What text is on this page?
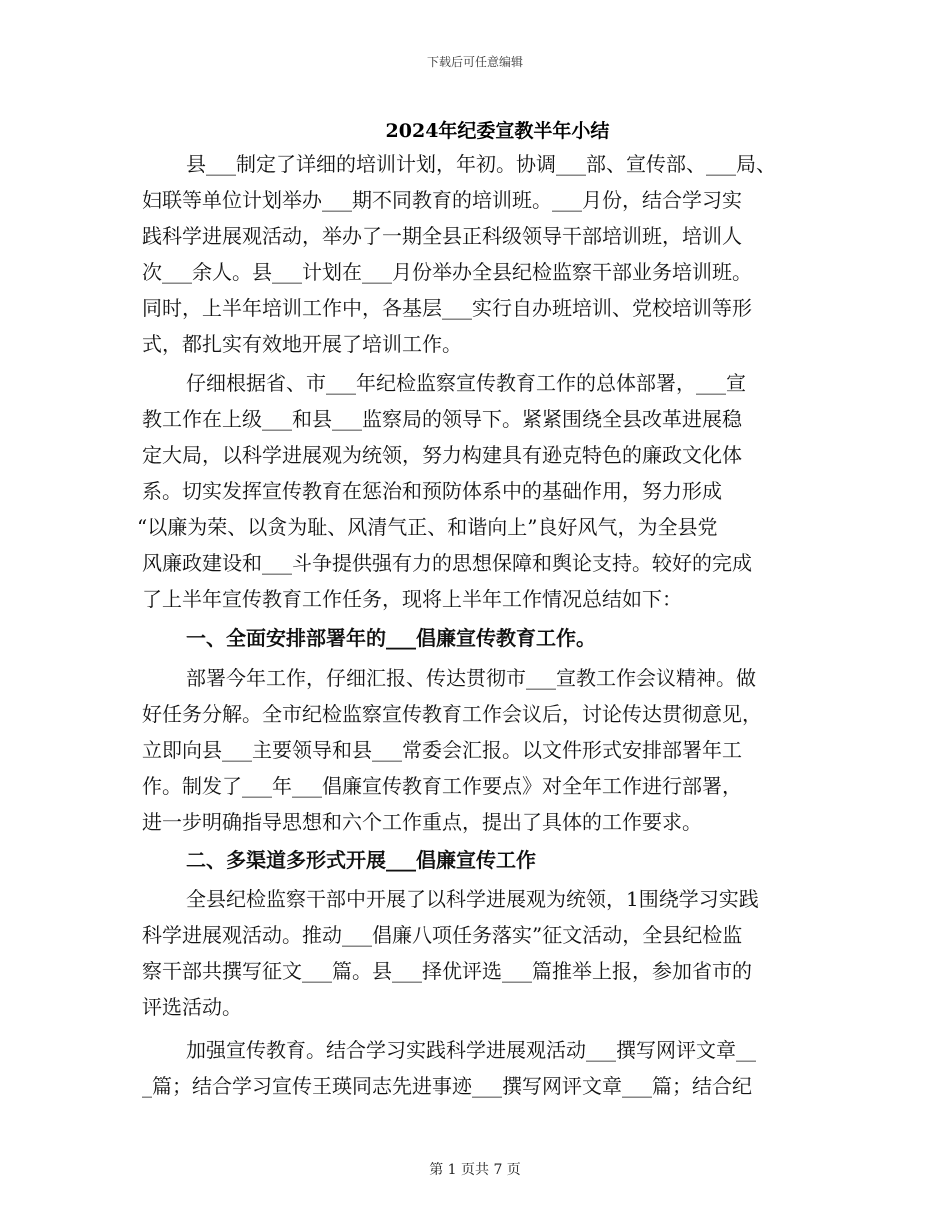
下载后可任意编辑
2024年纪委宣教半年小结
县___制定了详细的培训计划，年初。协调___部、宣传部、___局、
妇联等单位计划举办___期不同教育的培训班。___月份，结合学习实
践科学进展观活动，举办了一期全县正科级领导干部培训班，培训人
次___余人。县___计划在___月份举办全县纪检监察干部业务培训班。
同时，上半年培训工作中，各基层___实行自办班培训、党校培训等形
式，都扎实有效地开展了培训工作。
仔细根据省、市___年纪检监察宣传教育工作的总体部署，___宣
教工作在上级___和县___监察局的领导下。紧紧围绕全县改革进展稳
定大局，以科学进展观为统领，努力构建具有逊克特色的廉政文化体
系。切实发挥宣传教育在惩治和预防体系中的基础作用，努力形成
“以廉为荣、以贪为耻、风清气正、和谐向上”良好风气，为全县党
风廉政建设和___斗争提供强有力的思想保障和舆论支持。较好的完成
了上半年宣传教育工作任务，现将上半年工作情况总结如下：
一、全面安排部署年的___倡廉宣传教育工作。
部署今年工作，仔细汇报、传达贯彻市___宣教工作会议精神。做
好任务分解。全市纪检监察宣传教育工作会议后，讨论传达贯彻意见，
立即向县___主要领导和县___常委会汇报。以文件形式安排部署年工
作。制发了___年___倡廉宣传教育工作要点》对全年工作进行部署，
进一步明确指导思想和六个工作重点，提出了具体的工作要求。
二、多渠道多形式开展___倡廉宣传工作
全县纪检监察干部中开展了以科学进展观为统领，1围绕学习实践
科学进展观活动。推动___倡廉八项任务落实”征文活动，全县纪检监
察干部共撰写征文___篇。县___择优评选___篇推举上报，参加省市的
评选活动。
加强宣传教育。结合学习实践科学进展观活动___撰写网评文章__
_篇；结合学习宣传王瑛同志先进事迹___撰写网评文章___篇；结合纪
第 1 页共 7 页
